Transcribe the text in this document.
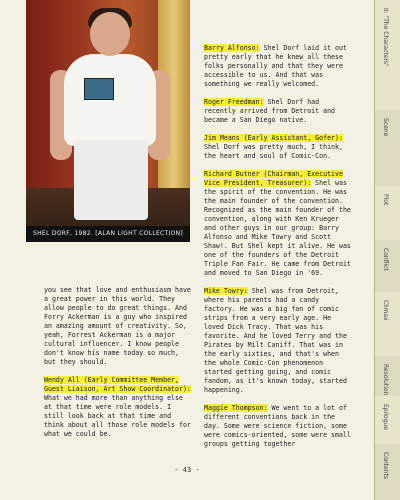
SHEL DORF, 1982. [ALAN LIGHT COLLECTION]

Barry Alfonso: Shel Dorf laid it out pretty early that he knew all these folks personally and that they were accessible to us. And that was something we really welcomed.

Roger Freedman: Shel Dorf had recently arrived from Detroit and became a San Diego native.

Jim Means (Early Assistant, Gofer): Shel Dorf was pretty much, I think, the heart and soul of Comic-Con.

Richard Butner (Chairman, Executive Vice President, Treasurer): Shel was the spirit of the convention. He was the main founder of the convention. Recognized as the main founder of the convention, along with Ken Krueger and other guys in our group: Barry Alfonso and Mike Towry and Scott Shaw!. But Shel kept it alive. He was one of the founders of the Detroit Triple Fan Fair. He came from Detroit and moved to San Diego in '69.

Mike Towry: Shel was from Detroit, where his parents had a candy factory. He was a big fan of comic strips from a very early age. He loved Dick Tracy. That was his favorite. And he loved Terry and the Pirates by Milt Caniff. That was in the early sixties, and that's when the whole Comic-Con phenomenon started getting going, and comic fandom, as it's known today, started happening.

Maggie Thompson: We went to a lot of different conventions back in the day. Some were science fiction, some were comics-oriented, some were small groups getting together

you see that love and enthusiasm have a great power in this world. They allow people to do great things. And Forry Ackerman is a guy who inspired an amazing amount of creativity. So, yeah, Forrest Ackerman is a major cultural influencer. I know people don't know his name today so much, but they should.

Wendy All (Early Committee Member, Guest Liaison, Art Show Coordinator): What we had more than anything else at that time were role models. I still look back at that time and think about all those role models for what we could be.

- 43 -
II: "The Characters"
Scene
Plot
Conflict
Climax
Resolution
Epilogue
Contents
